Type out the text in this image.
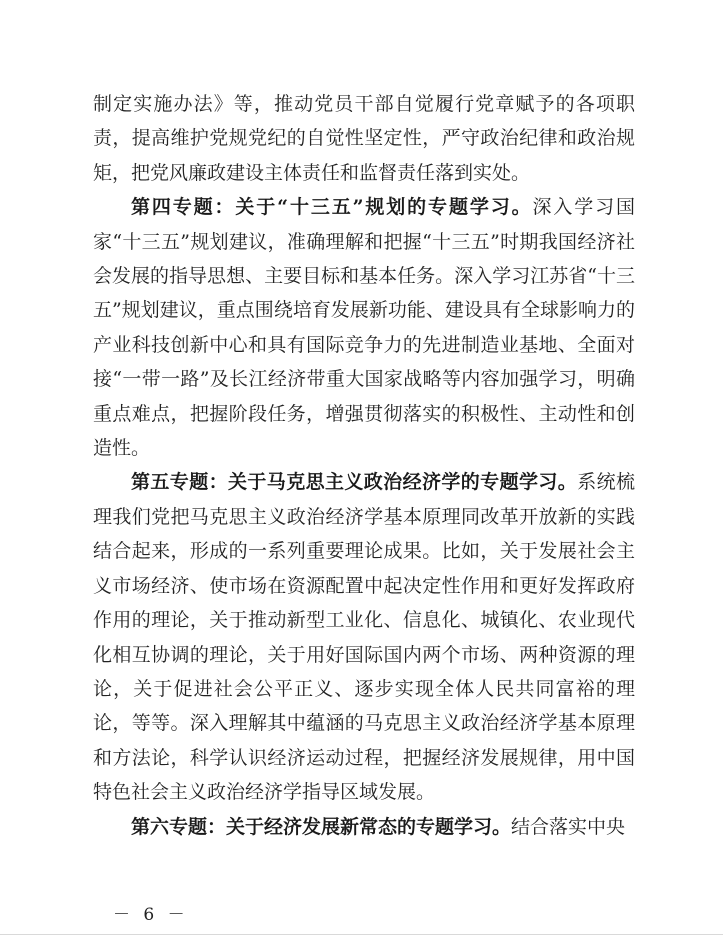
制定实施办法》等，推动党员干部自觉履行党章赋予的各项职责，提高维护党规党纪的自觉性坚定性，严守政治纪律和政治规矩，把党风廉政建设主体责任和监督责任落到实处。

第四专题：关于“十三五”规划的专题学习。深入学习国家“十三五”规划建议，准确理解和把握“十三五”时期我国经济社会发展的指导思想、主要目标和基本任务。深入学习江苏省“十三五”规划建议，重点围绕培育发展新功能、建设具有全球影响力的产业科技创新中心和具有国际竞争力的先进制造业基地、全面对接“一带一路”及长江经济带重大国家战略等内容加强学习，明确重点难点，把握阶段任务，增强贯彻落实的积极性、主动性和创造性。

第五专题：关于马克思主义政治经济学的专题学习。系统梳理我们党把马克思主义政治经济学基本原理同改革开放新的实践结合起来，形成的一系列重要理论成果。比如，关于发展社会主义市场经济、使市场在资源配置中起决定性作用和更好发挥政府作用的理论，关于推动新型工业化、信息化、城镇化、农业现代化相互协调的理论，关于用好国际国内两个市场、两种资源的理论，关于促进社会公平正义、逐步实现全体人民共同富裕的理论，等等。深入理解其中蕴涵的马克思主义政治经济学基本原理和方法论，科学认识经济运动过程，把握经济发展规律，用中国特色社会主义政治经济学指导区域发展。

第六专题：关于经济发展新常态的专题学习。结合落实中央

－ 6 －
